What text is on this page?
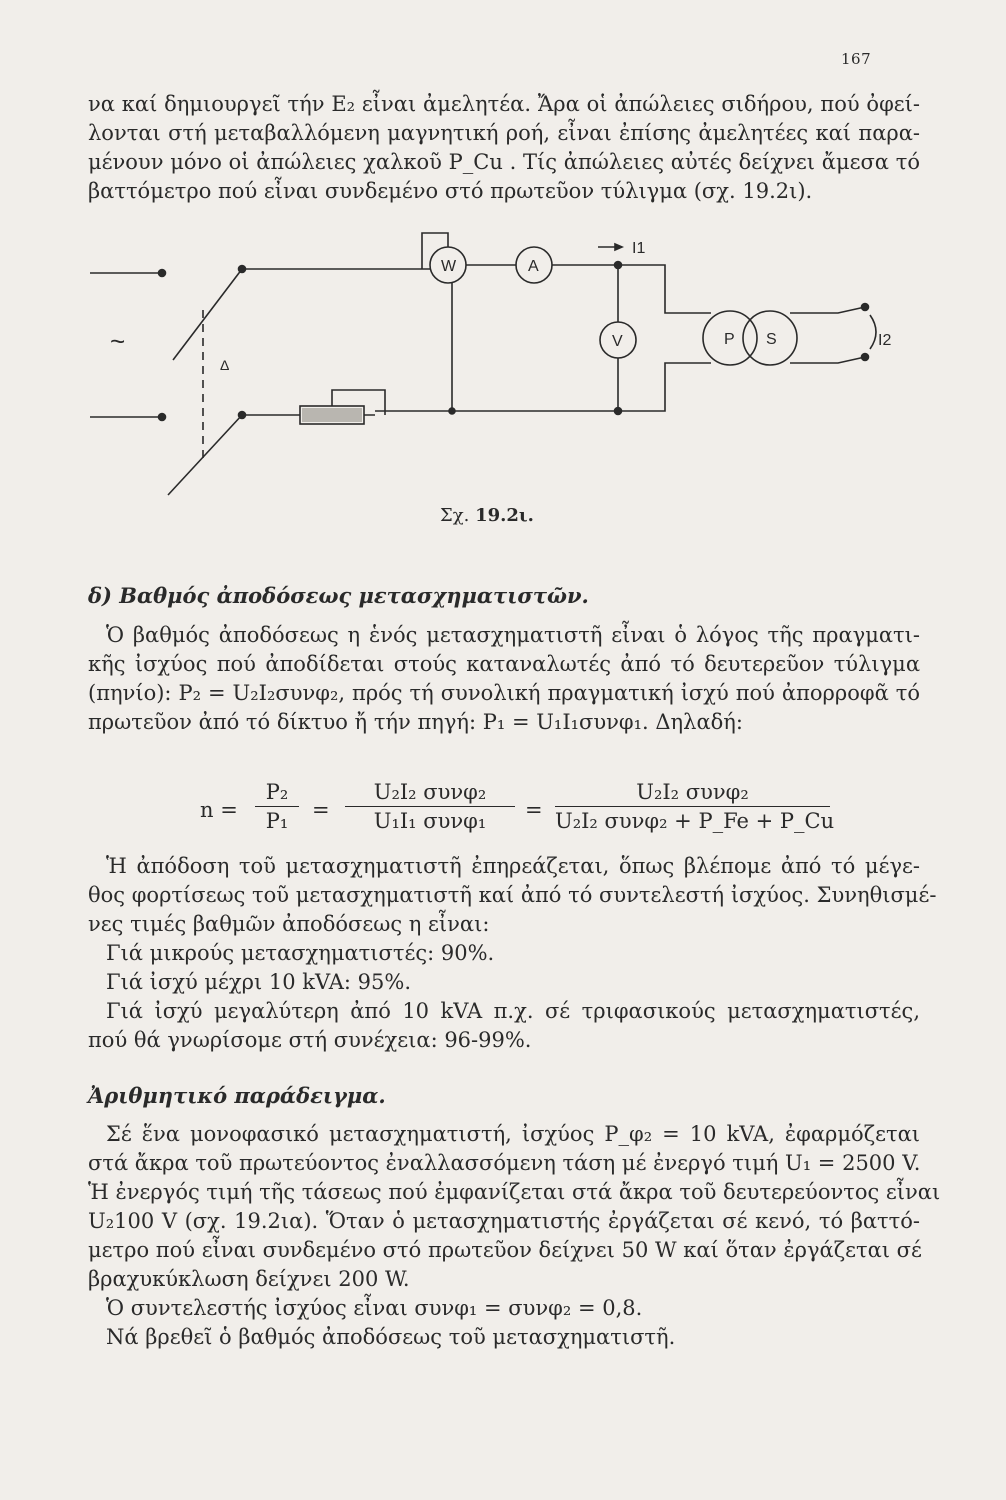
167
να καί δημιουργεῖ τήν E₂ εἶναι ἀμελητέα. Ἄρα οἱ ἀπώλειες σιδήρου, πού ὀφεί-
λονται στή μεταβαλλόμενη μαγνητική ροή, εἶναι ἐπίσης ἀμελητέες καί παρα-
μένουν μόνο οἱ ἀπώλειες χαλκοῦ P_Cu . Τίς ἀπώλειες αὐτές δείχνει ἄμεσα τό
βαττόμετρο πού εἶναι συνδεμένο στό πρωτεῦον τύλιγμα (σχ. 19.2ι).
~
Δ
W	A
I1
V	P S	I2
Σχ. 19.2ι.
δ) Βαθμός ἀποδόσεως μετασχηματιστῶν.
Ὁ βαθμός ἀποδόσεως η ἑνός μετασχηματιστῆ εἶναι ὁ λόγος τῆς πραγματι-
κῆς ἰσχύος πού ἀποδίδεται στούς καταναλωτές ἀπό τό δευτερεῦον τύλιγμα
(πηνίο): P₂ = U₂I₂συνφ₂, πρός τή συνολική πραγματική ἰσχύ πού ἀπορροφᾶ τό
πρωτεῦον ἀπό τό δίκτυο ἤ τήν πηγή: P₁ = U₁I₁συνφ₁. Δηλαδή:
n =
P₂
P₁	=
U₂I₂ συνφ₂
U₁I₁ συνφ₁	=
U₂I₂ συνφ₂
U₂I₂ συνφ₂ + P_Fe + P_Cu
Ἡ ἀπόδοση τοῦ μετασχηματιστῆ ἐπηρεάζεται, ὅπως βλέπομε ἀπό τό μέγε-
θος φορτίσεως τοῦ μετασχηματιστῆ καί ἀπό τό συντελεστή ἰσχύος. Συνηθισμέ-
νες τιμές βαθμῶν ἀποδόσεως η εἶναι:
Γιά μικρούς μετασχηματιστές: 90%.
Γιά ἰσχύ μέχρι 10 kVA: 95%.
Γιά ἰσχύ μεγαλύτερη ἀπό 10 kVA π.χ. σέ τριφασικούς μετασχηματιστές,
πού θά γνωρίσομε στή συνέχεια: 96-99%.
Ἀριθμητικό παράδειγμα.
Σέ ἕνα μονοφασικό μετασχηματιστή, ἰσχύος P_φ₂ = 10 kVA, ἐφαρμόζεται
στά ἄκρα τοῦ πρωτεύοντος ἐναλλασσόμενη τάση μέ ἐνεργό τιμή U₁ = 2500 V.
Ἡ ἐνεργός τιμή τῆς τάσεως πού ἐμφανίζεται στά ἄκρα τοῦ δευτερεύοντος εἶναι
U₂100 V (σχ. 19.2ια). Ὅταν ὁ μετασχηματιστής ἐργάζεται σέ κενό, τό βαττό-
μετρο πού εἶναι συνδεμένο στό πρωτεῦον δείχνει 50 W καί ὅταν ἐργάζεται σέ
βραχυκύκλωση δείχνει 200 W.
Ὁ συντελεστής ἰσχύος εἶναι συνφ₁ = συνφ₂ = 0,8.
Νά βρεθεῖ ὁ βαθμός ἀποδόσεως τοῦ μετασχηματιστῆ.
